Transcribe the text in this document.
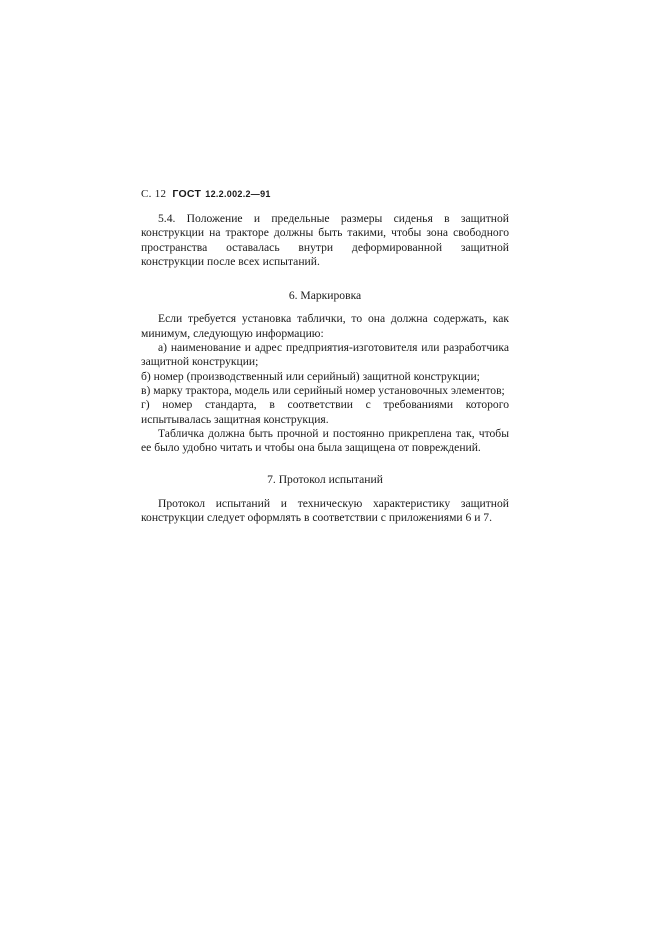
С. 12 ГОСТ 12.2.002.2—91

5.4. Положение и предельные размеры сиденья в защитной конструкции на тракторе должны быть такими, чтобы зона свободного пространства оставалась внутри деформированной защитной конструкции после всех испытаний.

6. Маркировка

Если требуется установка таблички, то она должна содержать, как минимум, следующую информацию:

а) наименование и адрес предприятия-изготовителя или разработчика защитной конструкции;

б) номер (производственный или серийный) защитной конструкции;

в) марку трактора, модель или серийный номер установочных элементов;

г) номер стандарта, в соответствии с требованиями которого испытывалась защитная конструкция.

Табличка должна быть прочной и постоянно прикреплена так, чтобы ее было удобно читать и чтобы она была защищена от повреждений.

7. Протокол испытаний

Протокол испытаний и техническую характеристику защитной конструкции следует оформлять в соответствии с приложениями 6 и 7.
